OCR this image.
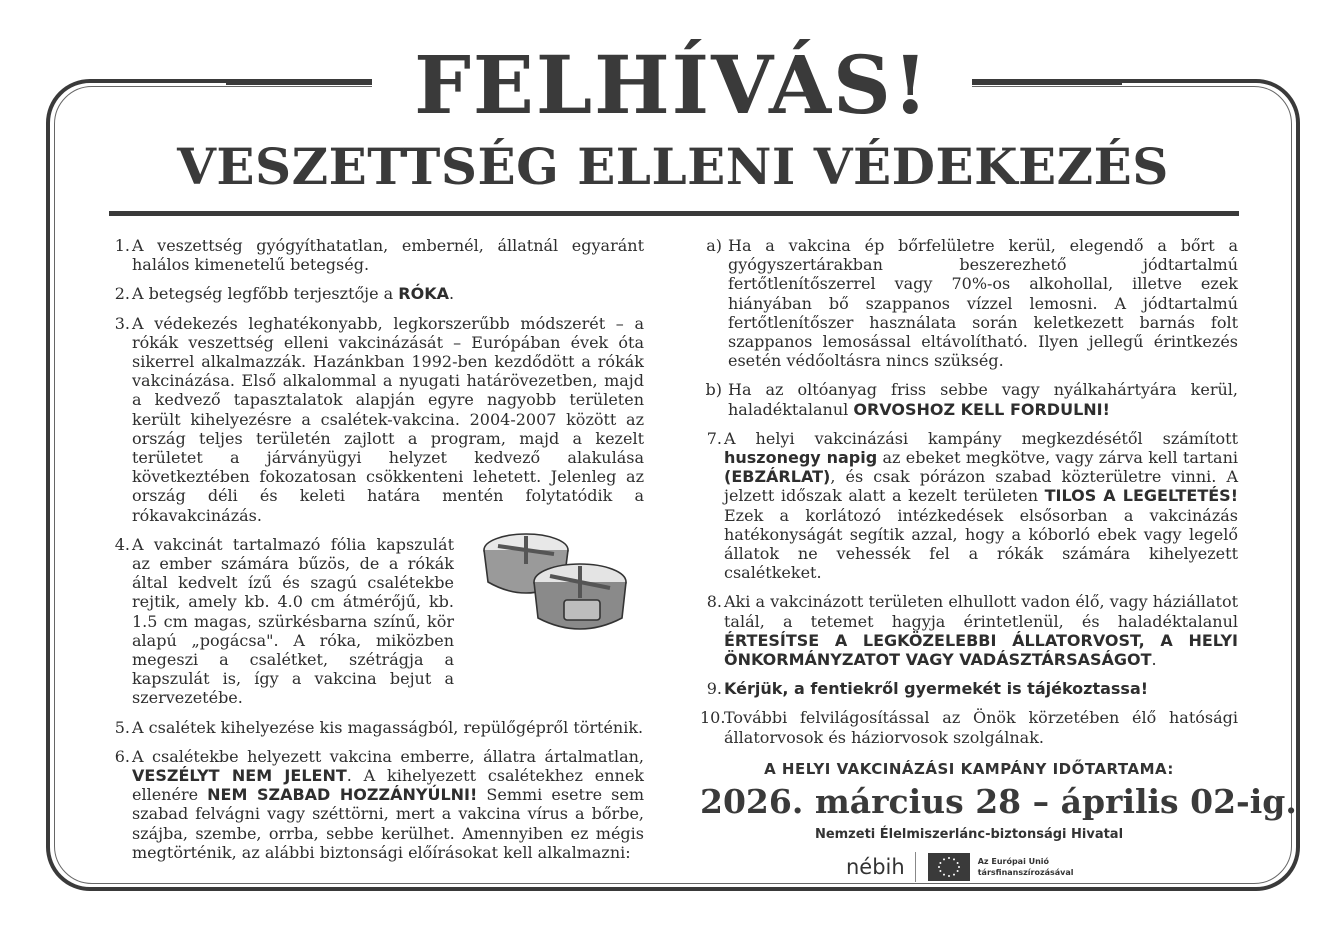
FELHÍVÁS!
VESZETTSÉG ELLENI VÉDEKEZÉS
1. A veszettség gyógyíthatatlan, embernél, állatnál egyaránt halálos kimenetelű betegség.
2. A betegség legfőbb terjesztője a RÓKA.
3. A védekezés leghatékonyabb, legkorszerűbb módszerét – a rókák veszettség elleni vakcinázását – Európában évek óta sikerrel alkalmazzák. Hazánkban 1992-ben kezdődött a rókák vakcinázása. Első alkalommal a nyugati határövezetben, majd a kedvező tapasztalatok alapján egyre nagyobb területen került kihelyezésre a csalétek-vakcina. 2004-2007 között az ország teljes területén zajlott a program, majd a kezelt területet a járványügyi helyzet kedvező alakulása következtében fokozatosan csökkenteni lehetett. Jelenleg az ország déli és keleti határa mentén folytatódik a rókavakcinázás.
4. A vakcinát tartalmazó fólia kapszulát az ember számára bűzös, de a rókák által kedvelt ízű és szagú csalétekbe rejtik, amely kb. 4.0 cm átmérőjű, kb. 1.5 cm magas, szürkésbarna színű, kör alapú „pogácsa". A róka, miközben megeszi a csalétket, szétrágja a kapszulát is, így a vakcina bejut a szervezetébe.
5. A csalétek kihelyezése kis magasságból, repülőgépről történik.
6. A csalétekbe helyezett vakcina emberre, állatra ártalmatlan, VESZÉLYT NEM JELENT. A kihelyezett csalétekhez ennek ellenére NEM SZABAD HOZZÁNYÚLNI! Semmi esetre sem szabad felvágni vagy széttörni, mert a vakcina vírus a bőrbe, szájba, szembe, orrba, sebbe kerülhet. Amennyiben ez mégis megtörténik, az alábbi biztonsági előírásokat kell alkalmazni:
a) Ha a vakcina ép bőrfelületre kerül, elegendő a bőrt a gyógyszertárakban beszerezhető jódtartalmú fertőtlenítőszerrel vagy 70%-os alkohollal, illetve ezek hiányában bő szappanos vízzel lemosni. A jódtartalmú fertőtlenítőszer használata során keletkezett barnás folt szappanos lemosással eltávolítható. Ilyen jellegű érintkezés esetén védőoltásra nincs szükség.
b) Ha az oltóanyag friss sebbe vagy nyálkahártyára kerül, haladéktalanul ORVOSHOZ KELL FORDULNI!
7. A helyi vakcinázási kampány megkezdésétől számított huszonegy napig az ebeket megkötve, vagy zárva kell tartani (EBZÁRLAT), és csak pórázon szabad közterületre vinni. A jelzett időszak alatt a kezelt területen TILOS A LEGELTETÉS! Ezek a korlátozó intézkedések elsősorban a vakcinázás hatékonyságát segítik azzal, hogy a kóborló ebek vagy legelő állatok ne vehessék fel a rókák számára kihelyezett csalétkeket.
8. Aki a vakcinázott területen elhullott vadon élő, vagy háziállatot talál, a tetemet hagyja érintetlenül, és haladéktalanul ÉRTESÍTSE A LEGKÖZELEBBI ÁLLATORVOST, A HELYI ÖNKORMÁNYZATOT VAGY VADÁSZTÁRSASÁGOT.
9. Kérjük, a fentiekről gyermekét is tájékoztassa!
10.
További felvilágosítással az Önök körzetében élő hatósági állatorvosok és háziorvosok szolgálnak.
A HELYI VAKCINÁZÁSI KAMPÁNY IDŐTARTAMA:
2026. március 28 – április 02-ig.
Nemzeti Élelmiszerlánc-biztonsági Hivatal
nébih	Az Európai Unió
társfinanszírozásával
